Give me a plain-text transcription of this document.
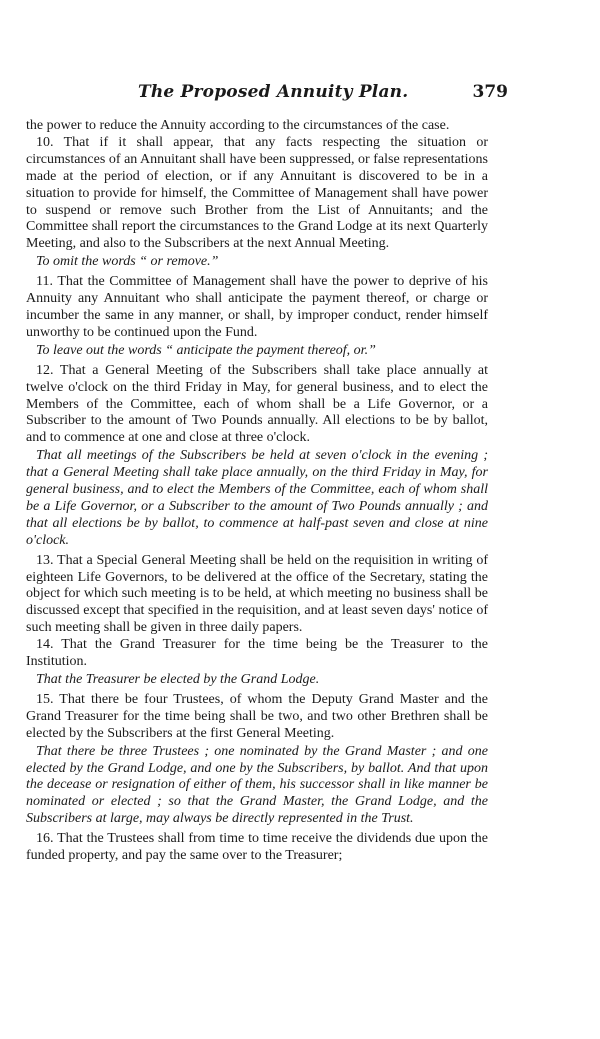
The Proposed Annuity Plan.	379

the power to reduce the Annuity according to the circumstances of the case.

10. That if it shall appear, that any facts respecting the situation or circumstances of an Annuitant shall have been suppressed, or false representations made at the period of election, or if any Annuitant is discovered to be in a situation to provide for himself, the Committee of Management shall have power to suspend or remove such Brother from the List of Annuitants; and the Committee shall report the circumstances to the Grand Lodge at its next Quarterly Meeting, and also to the Subscribers at the next Annual Meeting.

To omit the words “ or remove.”

11. That the Committee of Management shall have the power to deprive of his Annuity any Annuitant who shall anticipate the payment thereof, or charge or incumber the same in any manner, or shall, by improper conduct, render himself unworthy to be continued upon the Fund.

To leave out the words “ anticipate the payment thereof, or.”

12. That a General Meeting of the Subscribers shall take place annually at twelve o'clock on the third Friday in May, for general business, and to elect the Members of the Committee, each of whom shall be a Life Governor, or a Subscriber to the amount of Two Pounds annually. All elections to be by ballot, and to commence at one and close at three o'clock.

That all meetings of the Subscribers be held at seven o'clock in the evening ; that a General Meeting shall take place annually, on the third Friday in May, for general business, and to elect the Members of the Committee, each of whom shall be a Life Governor, or a Subscriber to the amount of Two Pounds annually ; and that all elections be by ballot, to commence at half-past seven and close at nine o'clock.

13. That a Special General Meeting shall be held on the requisition in writing of eighteen Life Governors, to be delivered at the office of the Secretary, stating the object for which such meeting is to be held, at which meeting no business shall be discussed except that specified in the requisition, and at least seven days' notice of such meeting shall be given in three daily papers.

14. That the Grand Treasurer for the time being be the Treasurer to the Institution.

That the Treasurer be elected by the Grand Lodge.

15. That there be four Trustees, of whom the Deputy Grand Master and the Grand Treasurer for the time being shall be two, and two other Brethren shall be elected by the Subscribers at the first General Meeting.

That there be three Trustees ; one nominated by the Grand Master ; and one elected by the Grand Lodge, and one by the Subscribers, by ballot. And that upon the decease or resignation of either of them, his successor shall in like manner be nominated or elected ; so that the Grand Master, the Grand Lodge, and the Subscribers at large, may always be directly represented in the Trust.

16. That the Trustees shall from time to time receive the dividends due upon the funded property, and pay the same over to the Treasurer;
